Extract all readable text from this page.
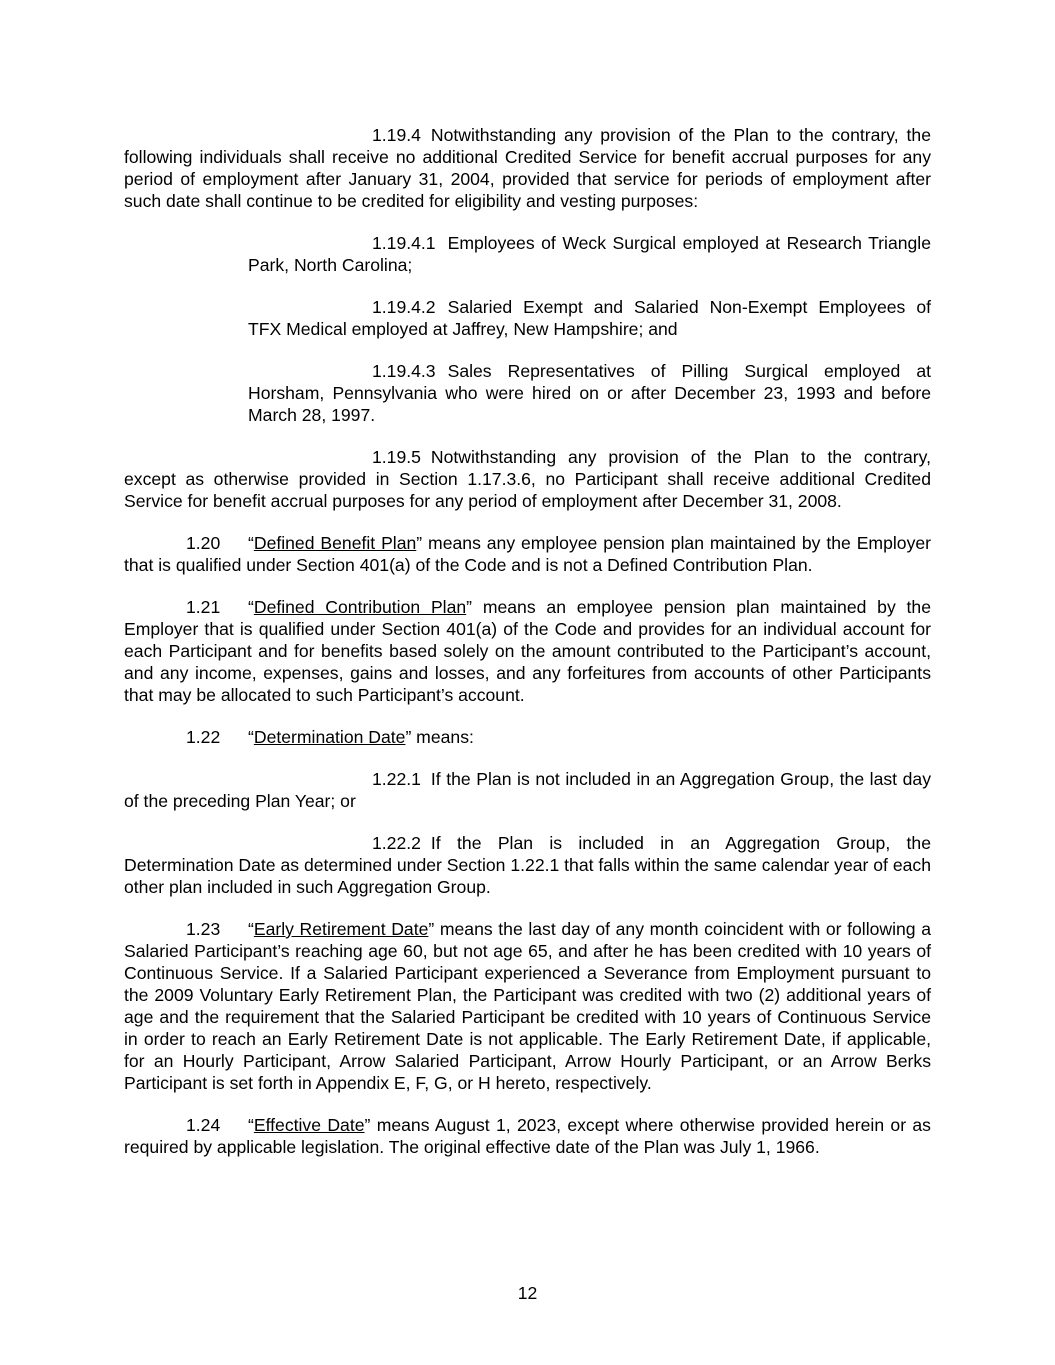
1.19.4 Notwithstanding any provision of the Plan to the contrary, the following individuals shall receive no additional Credited Service for benefit accrual purposes for any period of employment after January 31, 2004, provided that service for periods of employment after such date shall continue to be credited for eligibility and vesting purposes:

1.19.4.1 Employees of Weck Surgical employed at Research Triangle Park, North Carolina;

1.19.4.2 Salaried Exempt and Salaried Non-Exempt Employees of TFX Medical employed at Jaffrey, New Hampshire; and

1.19.4.3 Sales Representatives of Pilling Surgical employed at Horsham, Pennsylvania who were hired on or after December 23, 1993 and before March 28, 1997.

1.19.5 Notwithstanding any provision of the Plan to the contrary, except as otherwise provided in Section 1.17.3.6, no Participant shall receive additional Credited Service for benefit accrual purposes for any period of employment after December 31, 2008.

1.20 “Defined Benefit Plan” means any employee pension plan maintained by the Employer that is qualified under Section 401(a) of the Code and is not a Defined Contribution Plan.

1.21 “Defined Contribution Plan” means an employee pension plan maintained by the Employer that is qualified under Section 401(a) of the Code and provides for an individual account for each Participant and for benefits based solely on the amount contributed to the Participant’s account, and any income, expenses, gains and losses, and any forfeitures from accounts of other Participants that may be allocated to such Participant’s account.

1.22 “Determination Date” means:

1.22.1 If the Plan is not included in an Aggregation Group, the last day of the preceding Plan Year; or

1.22.2 If the Plan is included in an Aggregation Group, the Determination Date as determined under Section 1.22.1 that falls within the same calendar year of each other plan included in such Aggregation Group.

1.23 “Early Retirement Date” means the last day of any month coincident with or following a Salaried Participant’s reaching age 60, but not age 65, and after he has been credited with 10 years of Continuous Service. If a Salaried Participant experienced a Severance from Employment pursuant to the 2009 Voluntary Early Retirement Plan, the Participant was credited with two (2) additional years of age and the requirement that the Salaried Participant be credited with 10 years of Continuous Service in order to reach an Early Retirement Date is not applicable. The Early Retirement Date, if applicable, for an Hourly Participant, Arrow Salaried Participant, Arrow Hourly Participant, or an Arrow Berks Participant is set forth in Appendix E, F, G, or H hereto, respectively.

1.24 “Effective Date” means August 1, 2023, except where otherwise provided herein or as required by applicable legislation. The original effective date of the Plan was July 1, 1966.

12
